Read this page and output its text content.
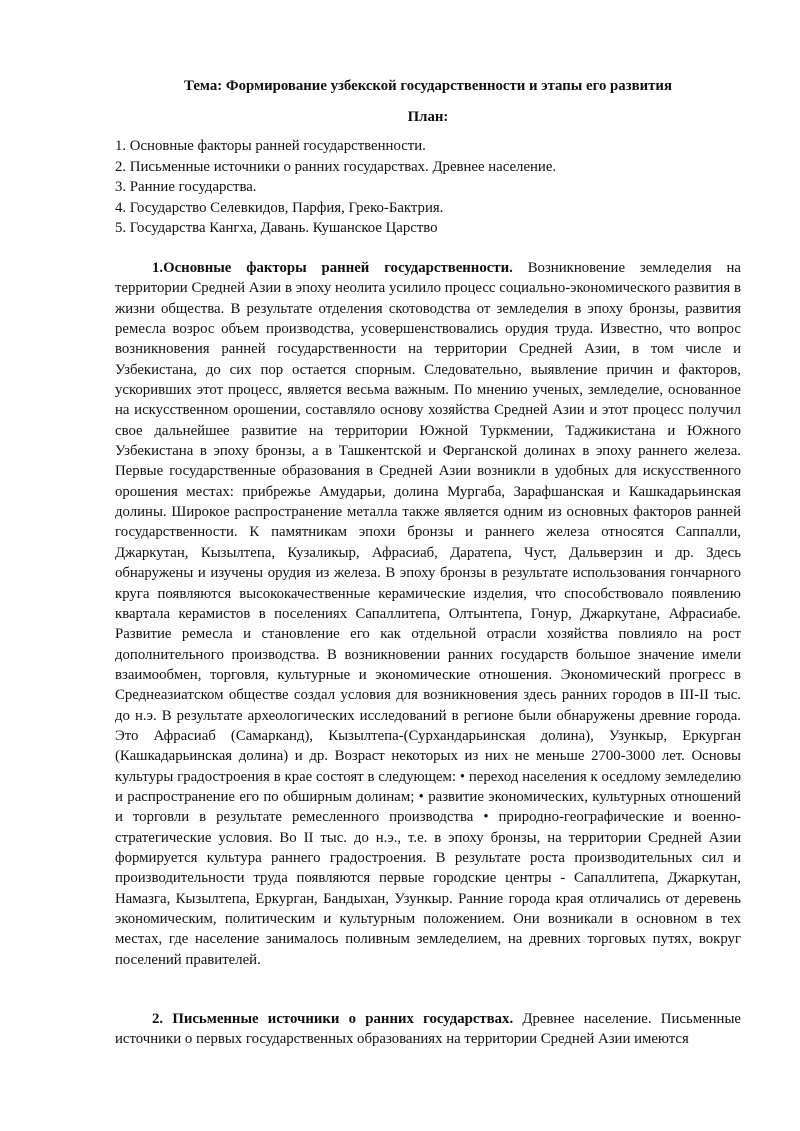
Тема: Формирование узбекской государственности и этапы его развития
План:
1. Основные факторы ранней государственности.
2. Письменные источники о ранних государствах. Древнее население.
3. Ранние государства.
4. Государство Селевкидов, Парфия, Греко-Бактрия.
5. Государства Кангха, Давань. Кушанское Царство

1.Основные факторы ранней государственности. Возникновение земледелия на территории Средней Азии в эпоху неолита усилило процесс социально-экономического развития в жизни общества. В результате отделения скотоводства от земледелия в эпоху бронзы, развития ремесла возрос объем производства, усовершенствовались орудия труда. Известно, что вопрос возникновения ранней государственности на территории Средней Азии, в том числе и Узбекистана, до сих пор остается спорным. Следовательно, выявление причин и факторов, ускоривших этот процесс, является весьма важным. По мнению ученых, земледелие, основанное на искусственном орошении, составляло основу хозяйства Средней Азии и этот процесс получил свое дальнейшее развитие на территории Южной Туркмении, Таджикистана и Южного Узбекистана в эпоху бронзы, а в Ташкентской и Ферганской долинах в эпоху раннего железа. Первые государственные образования в Средней Азии возникли в удобных для искусственного орошения местах: прибрежье Амударьи, долина Мургаба, Зарафшанская и Кашкадарьинская долины. Широкое распространение металла также является одним из основных факторов ранней государственности. К памятникам эпохи бронзы и раннего железа относятся Саппалли, Джаркутан, Кызылтепа, Кузаликыр, Афрасиаб, Даратепа, Чуст, Дальверзин и др. Здесь обнаружены и изучены орудия из железа. В эпоху бронзы в результате использования гончарного круга появляются высококачественные керамические изделия, что способствовало появлению квартала керамистов в поселениях Сапаллитепа, Олтынтепа, Гонур, Джаркутане, Афрасиабе. Развитие ремесла и становление его как отдельной отрасли хозяйства повлияло на рост дополнительного производства. В возникновении ранних государств большое значение имели взаимообмен, торговля, культурные и экономические отношения. Экономический прогресс в Среднеазиатском обществе создал условия для возникновения здесь ранних городов в III-II тыс. до н.э. В результате археологических исследований в регионе были обнаружены древние города. Это Афрасиаб (Самарканд), Кызылтепа-(Сурхандарьинская долина), Узункыр, Еркурган (Кашкадарьинская долина) и др. Возраст некоторых из них не меньше 2700-3000 лет. Основы культуры градостроения в крае состоят в следующем: • переход населения к оседлому земледелию и распространение его по обширным долинам; • развитие экономических, культурных отношений и торговли в результате ремесленного производства • природно-географические и военно-стратегические условия. Во II тыс. до н.э., т.е. в эпоху бронзы, на территории Средней Азии формируется культура раннего градостроения. В результате роста производительных сил и производительности труда появляются первые городские центры - Сапаллитепа, Джаркутан, Намазга, Кызылтепа, Еркурган, Бандыхан, Узункыр. Ранние города края отличались от деревень экономическим, политическим и культурным положением. Они возникали в основном в тех местах, где население занималось поливным земледелием, на древних торговых путях, вокруг поселений правителей.

2. Письменные источники о ранних государствах. Древнее население. Письменные источники о первых государственных образованиях на территории Средней Азии имеются
